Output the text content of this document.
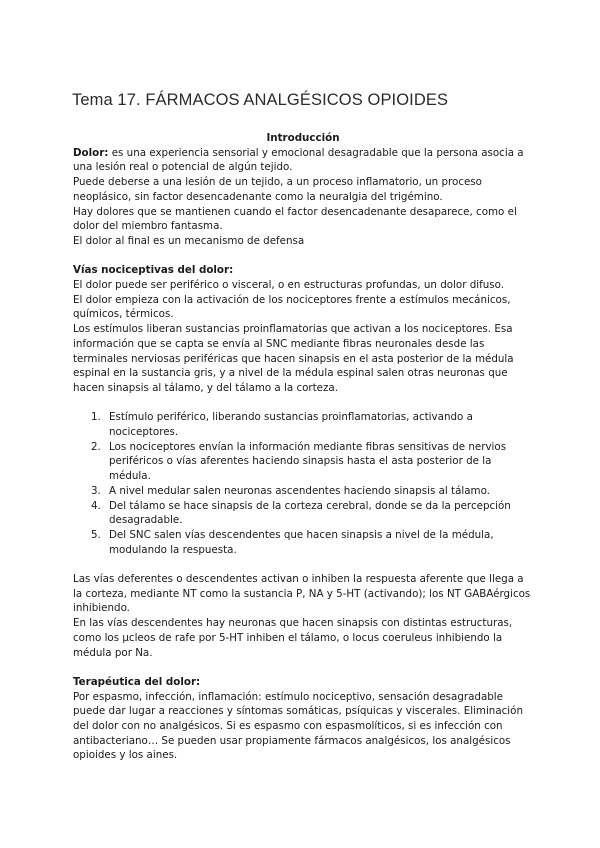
Tema 17. FÁRMACOS ANALGÉSICOS OPIOIDES

Introducción

Dolor: es una experiencia sensorial y emocional desagradable que la persona asocia a una lesión real o potencial de algún tejido.

Puede deberse a una lesión de un tejido, a un proceso inflamatorio, un proceso neoplásico, sin factor desencadenante como la neuralgia del trigémino.

Hay dolores que se mantienen cuando el factor desencadenante desaparece, como el dolor del miembro fantasma.

El dolor al final es un mecanismo de defensa

Vías nociceptivas del dolor:

El dolor puede ser periférico o visceral, o en estructuras profundas, un dolor difuso.

El dolor empieza con la activación de los nociceptores frente a estímulos mecánicos, químicos, térmicos.

Los estímulos liberan sustancias proinflamatorias que activan a los nociceptores. Esa información que se capta se envía al SNC mediante fibras neuronales desde las terminales nerviosas periféricas que hacen sinapsis en el asta posterior de la médula espinal en la sustancia gris, y a nivel de la médula espinal salen otras neuronas que hacen sinapsis al tálamo, y del tálamo a la corteza.

1. Estímulo periférico, liberando sustancias proinflamatorias, activando a nociceptores.
2. Los nociceptores envían la información mediante fibras sensitivas de nervios periféricos o vías aferentes haciendo sinapsis hasta el asta posterior de la médula.
3. A nivel medular salen neuronas ascendentes haciendo sinapsis al tálamo.
4. Del tálamo se hace sinapsis de la corteza cerebral, donde se da la percepción desagradable.
5. Del SNC salen vías descendentes que hacen sinapsis a nivel de la médula, modulando la respuesta.

Las vías deferentes o descendentes activan o inhiben la respuesta aferente que llega a la corteza, mediante NT como la sustancia P, NA y 5-HT (activando); los NT GABAérgicos inhibiendo.

En las vías descendentes hay neuronas que hacen sinapsis con distintas estructuras, como los µcleos de rafe por 5-HT inhiben el tálamo, o locus coeruleus inhibiendo la médula por Na.

Terapéutica del dolor:

Por espasmo, infección, inflamación: estímulo nociceptivo, sensación desagradable puede dar lugar a reacciones y síntomas somáticas, psíquicas y viscerales. Eliminación del dolor con no analgésicos. Si es espasmo con espasmolíticos, si es infección con antibacteriano… Se pueden usar propiamente fármacos analgésicos, los analgésicos opioides y los aines.
